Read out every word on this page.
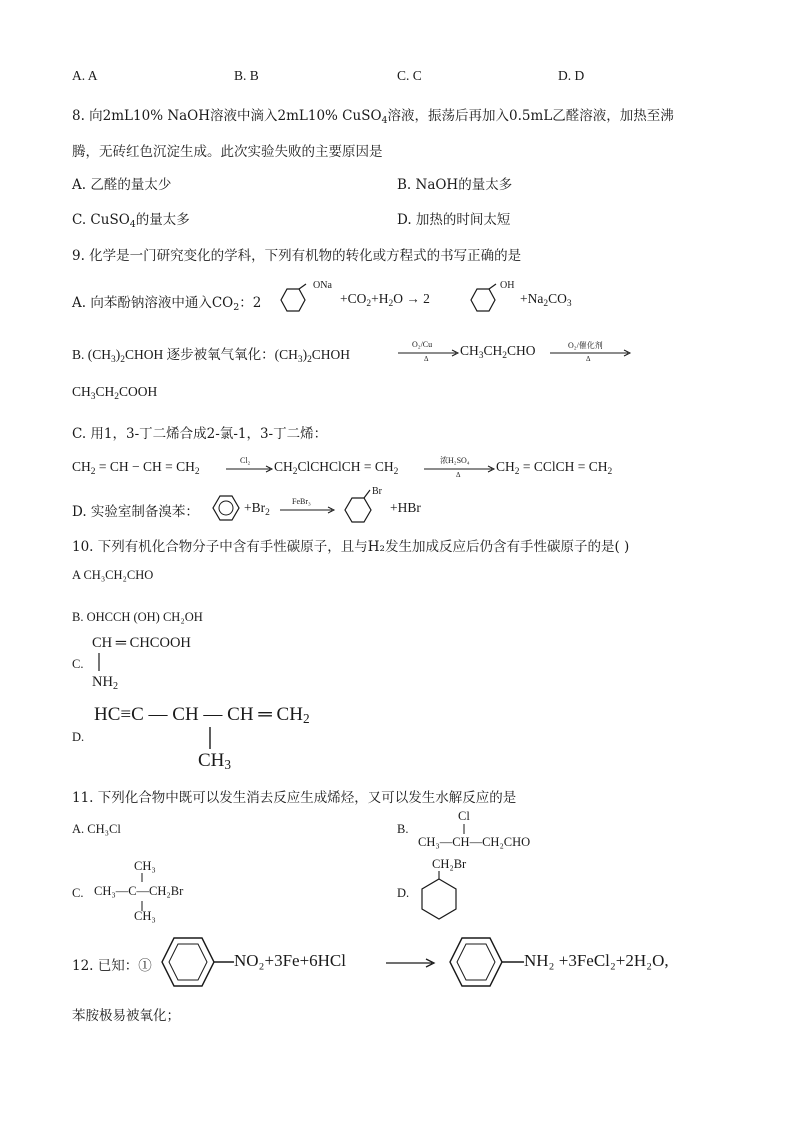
A. A	B. B	C. C	D. D
8. 向2mL10% NaOH溶液中滴入2mL10% CuSO$_4$溶液，振荡后再加入0.5mL乙醛溶液，加热至沸
腾，无砖红色沉淀生成。此次实验失败的主要原因是
A. 乙醛的量太少	B. NaOH的量太多
C. CuSO$_4$的量太多	D. 加热的时间太短
9. 化学是一门研究变化的学科，下列有机物的转化或方程式的书写正确的是
A. 向苯酚钠溶液中通入$CO_2$：2
ONa
$+CO_2+H_2O \to 2$
OH
$+Na_2CO_3$
B. $(CH_3)_2CHOH$ 逐步被氧气氧化：$(CH_3)_2CHOH$
O₂/Cu
Δ
$CH_3CH_2CHO$	O₂/催化剂
Δ
$CH_3CH_2COOH$
C. 用1，3-丁二烯合成2-氯-1，3-丁二烯：
$CH_2$ = CH − CH = $CH_2$
$Cl_2 \to CH_2ClCHClCH = CH_2$
浓H₂SO₄
Δ
$CH_2$ = CClCH = $CH_2$
D. 实验室制备溴苯：	$+Br_2$
FeBr₃
Br
+HBr
10. 下列有机化合物分子中含有手性碳原子，且与H₂发生加成反应后仍含有手性碳原子的是( )
A CH₃CH₂CHO
B. OHCCH (OH) CH₂OH
C.
CH ═ CHCOOH
$NH_2$
D.
HC≡C — CH — CH ═ $CH_2$
$CH_3$
11. 下列化合物中既可以发生消去反应生成烯烃，又可以发生水解反应的是
A. CH₃Cl	B.
Cl
CH₃—CH—CH₂CHO
C.
CH₃
CH₃—C—CH₂Br
CH₃
D.
CH₂Br
12. 已知：①	NO₂+3Fe+6HCl	NH₂ +3FeCl₂+2H₂O,
苯胺极易被氧化；
